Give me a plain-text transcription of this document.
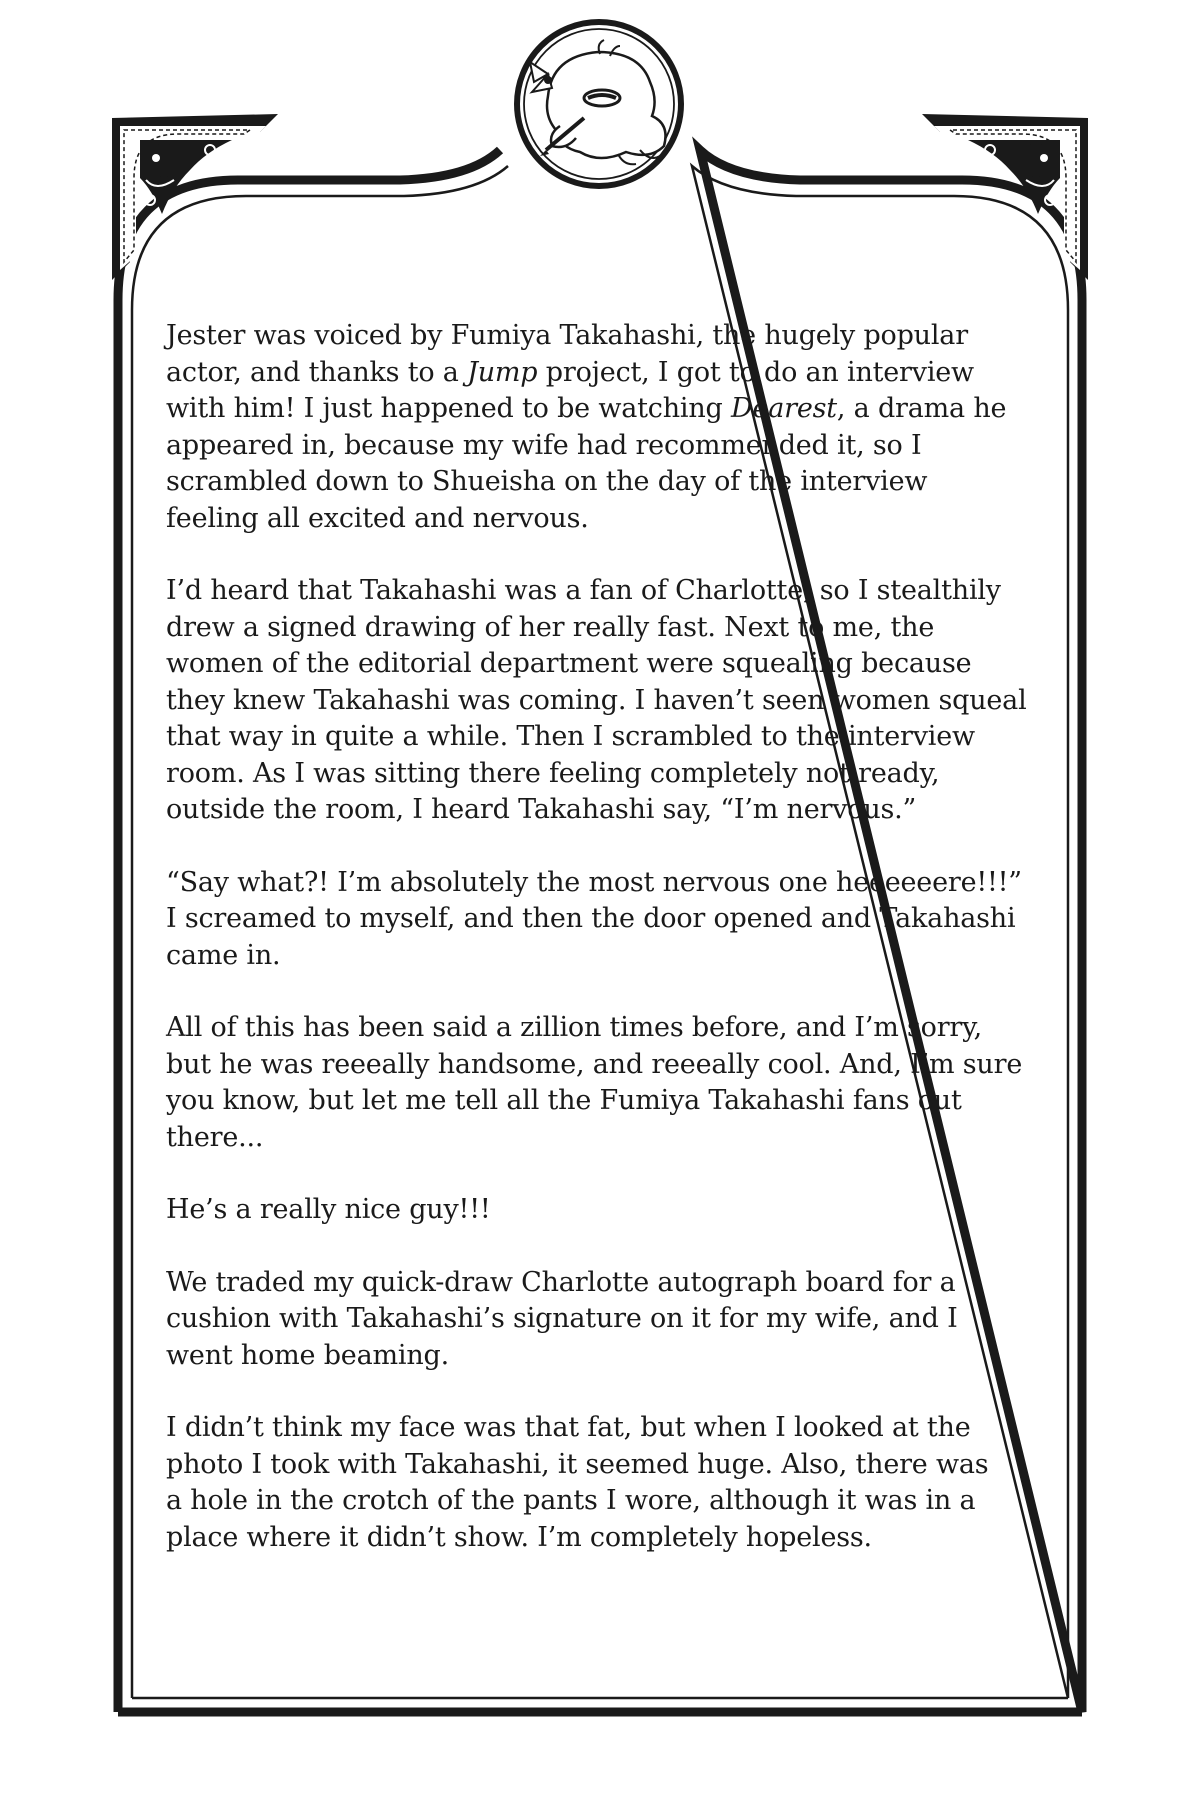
Jester was voiced by Fumiya Takahashi, the hugely popular
actor, and thanks to a Jump project, I got to do an interview
with him! I just happened to be watching Dearest, a drama he
appeared in, because my wife had recommended it, so I
scrambled down to Shueisha on the day of the interview
feeling all excited and nervous.

I’d heard that Takahashi was a fan of Charlotte, so I stealthily
drew a signed drawing of her really fast. Next to me, the
women of the editorial department were squealing because
they knew Takahashi was coming. I haven’t seen women squeal
that way in quite a while. Then I scrambled to the interview
room. As I was sitting there feeling completely not ready,
outside the room, I heard Takahashi say, “I’m nervous.”

“Say what?! I’m absolutely the most nervous one heeeeeere!!!”
I screamed to myself, and then the door opened and Takahashi
came in.

All of this has been said a zillion times before, and I’m sorry,
but he was reeeally handsome, and reeeally cool. And, I’m sure
you know, but let me tell all the Fumiya Takahashi fans out
there...

He’s a really nice guy!!!

We traded my quick-draw Charlotte autograph board for a
cushion with Takahashi’s signature on it for my wife, and I
went home beaming.

I didn’t think my face was that fat, but when I looked at the
photo I took with Takahashi, it seemed huge. Also, there was
a hole in the crotch of the pants I wore, although it was in a
place where it didn’t show. I’m completely hopeless.
